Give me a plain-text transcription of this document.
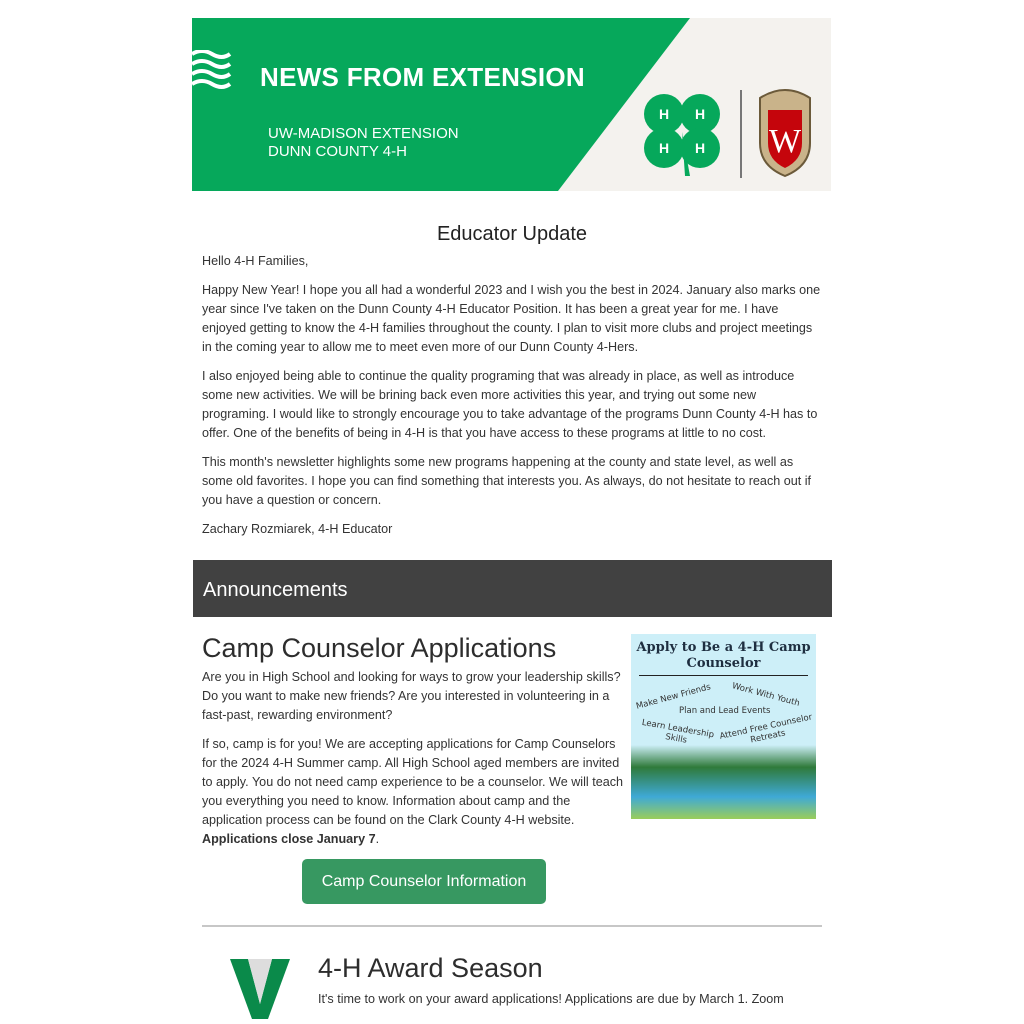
NEWS FROM EXTENSION
UW-MADISON EXTENSION
DUNN COUNTY 4-H
H H
H H W
Educator Update

Hello 4-H Families,

Happy New Year! I hope you all had a wonderful 2023 and I wish you the best in 2024. January also marks one year since I've taken on the Dunn County 4-H Educator Position. It has been a great year for me. I have enjoyed getting to know the 4-H families throughout the county. I plan to visit more clubs and project meetings in the coming year to allow me to meet even more of our Dunn County 4-Hers.

I also enjoyed being able to continue the quality programing that was already in place, as well as introduce some new activities. We will be brining back even more activities this year, and trying out some new programing. I would like to strongly encourage you to take advantage of the programs Dunn County 4-H has to offer. One of the benefits of being in 4-H is that you have access to these programs at little to no cost.

This month's newsletter highlights some new programs happening at the county and state level, as well as some old favorites. I hope you can find something that interests you. As always, do not hesitate to reach out if you have a question or concern.

Zachary Rozmiarek, 4-H Educator

Announcements
Camp Counselor Applications

Are you in High School and looking for ways to grow your leadership skills? Do you want to make new friends? Are you interested in volunteering in a fast-past, rewarding environment?

If so, camp is for you! We are accepting applications for Camp Counselors for the 2024 4-H Summer camp. All High School aged members are invited to apply. You do not need camp experience to be a counselor. We will teach you everything you need to know. Information about camp and the application process can be found on the Clark County 4-H website. Applications close January 7.

Apply to Be a 4-H Camp Counselor
Make New Friends Work With Youth
Plan and Lead Events
Learn Leadership Skills	Attend Free Counselor Retreats
Camp Counselor Information
4-H Award Season

It's time to work on your award applications! Applications are due by March 1. Zoom
